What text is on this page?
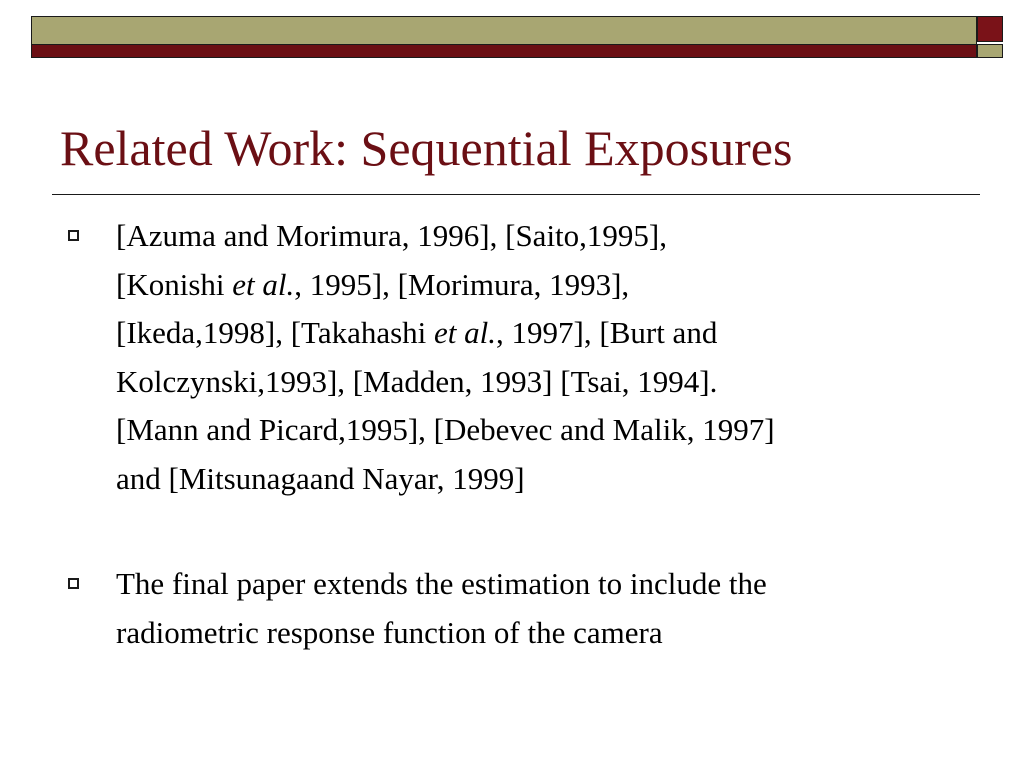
Related Work: Sequential Exposures
[Azuma and Morimura, 1996], [Saito,1995],
[Konishi et al., 1995], [Morimura, 1993],
[Ikeda,1998], [Takahashi et al., 1997], [Burt and
Kolczynski,1993], [Madden, 1993] [Tsai, 1994].
[Mann and Picard,1995], [Debevec and Malik, 1997]
and [Mitsunagaand Nayar, 1999]
The final paper extends the estimation to include the
radiometric response function of the camera
